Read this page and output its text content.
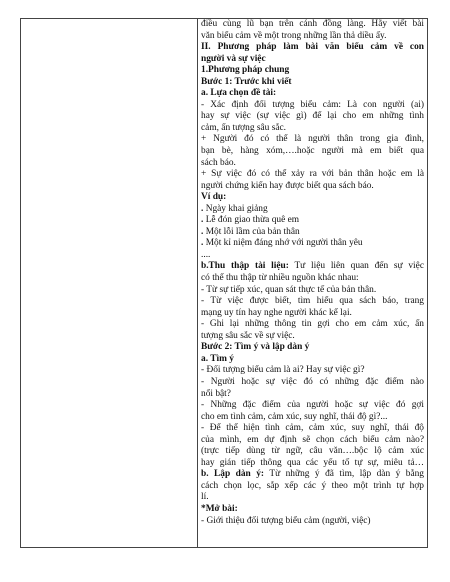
điều cùng lũ bạn trên cánh đồng làng. Hãy viết bài

văn biểu cảm về một trong những lần thả diều ấy.

II. Phương pháp làm bài văn biểu cảm về con

người và sự việc

1.Phương pháp chung

Bước 1: Trước khi viết

a. Lựa chọn đề tài:

- Xác định đối tượng biểu cảm: Là con người (ai)

hay sự việc (sự việc gì) để lại cho em những tình

cảm, ấn tượng sâu sắc.

+ Người đó có thể là người thân trong gia đình,

bạn bè, hàng xóm,….hoặc người mà em biết qua

sách báo.

+ Sự việc đó có thể xảy ra với bản thân hoặc em là

người chứng kiến hay được biết qua sách báo.

Ví dụ:

. Ngày khai giảng

. Lễ đón giao thừa quê em

. Một lỗi lầm của bản thân

. Một kỉ niệm đáng nhớ với người thân yêu

....

b.Thu thập tài liệu: Tư liệu liên quan đến sự việc

có thể thu thập từ nhiều nguồn khác nhau:

- Từ sự tiếp xúc, quan sát thực tế của bản thân.

- Từ việc được biết, tìm hiểu qua sách báo, trang

mạng uy tín hay nghe người khác kể lại.

- Ghi lại những thông tin gợi cho em cảm xúc, ấn

tượng sâu sắc về sự việc.

Bước 2: Tìm ý và lập dàn ý

a. Tìm ý

- Đối tượng biểu cảm là ai? Hay sự việc gì?

- Người hoặc sự việc đó có những đặc điểm nào

nổi bật?

- Những đặc điểm của người hoặc sự việc đó gợi

cho em tình cảm, cảm xúc, suy nghĩ, thái độ gì?...

- Để thể hiện tình cảm, cảm xúc, suy nghĩ, thái độ

của mình, em dự định sẽ chọn cách biểu cảm nào?

(trực tiếp dùng từ ngữ, câu văn….bộc lộ cảm xúc

hay gián tiếp thông qua các yếu tố tự sự, miêu tả…

b. Lập dàn ý: Từ những ý đã tìm, lập dàn ý bằng

cách chọn lọc, sắp xếp các ý theo một trình tự hợp

lí.

*Mở bài:

- Giới thiệu đối tượng biểu cảm (người, việc)
